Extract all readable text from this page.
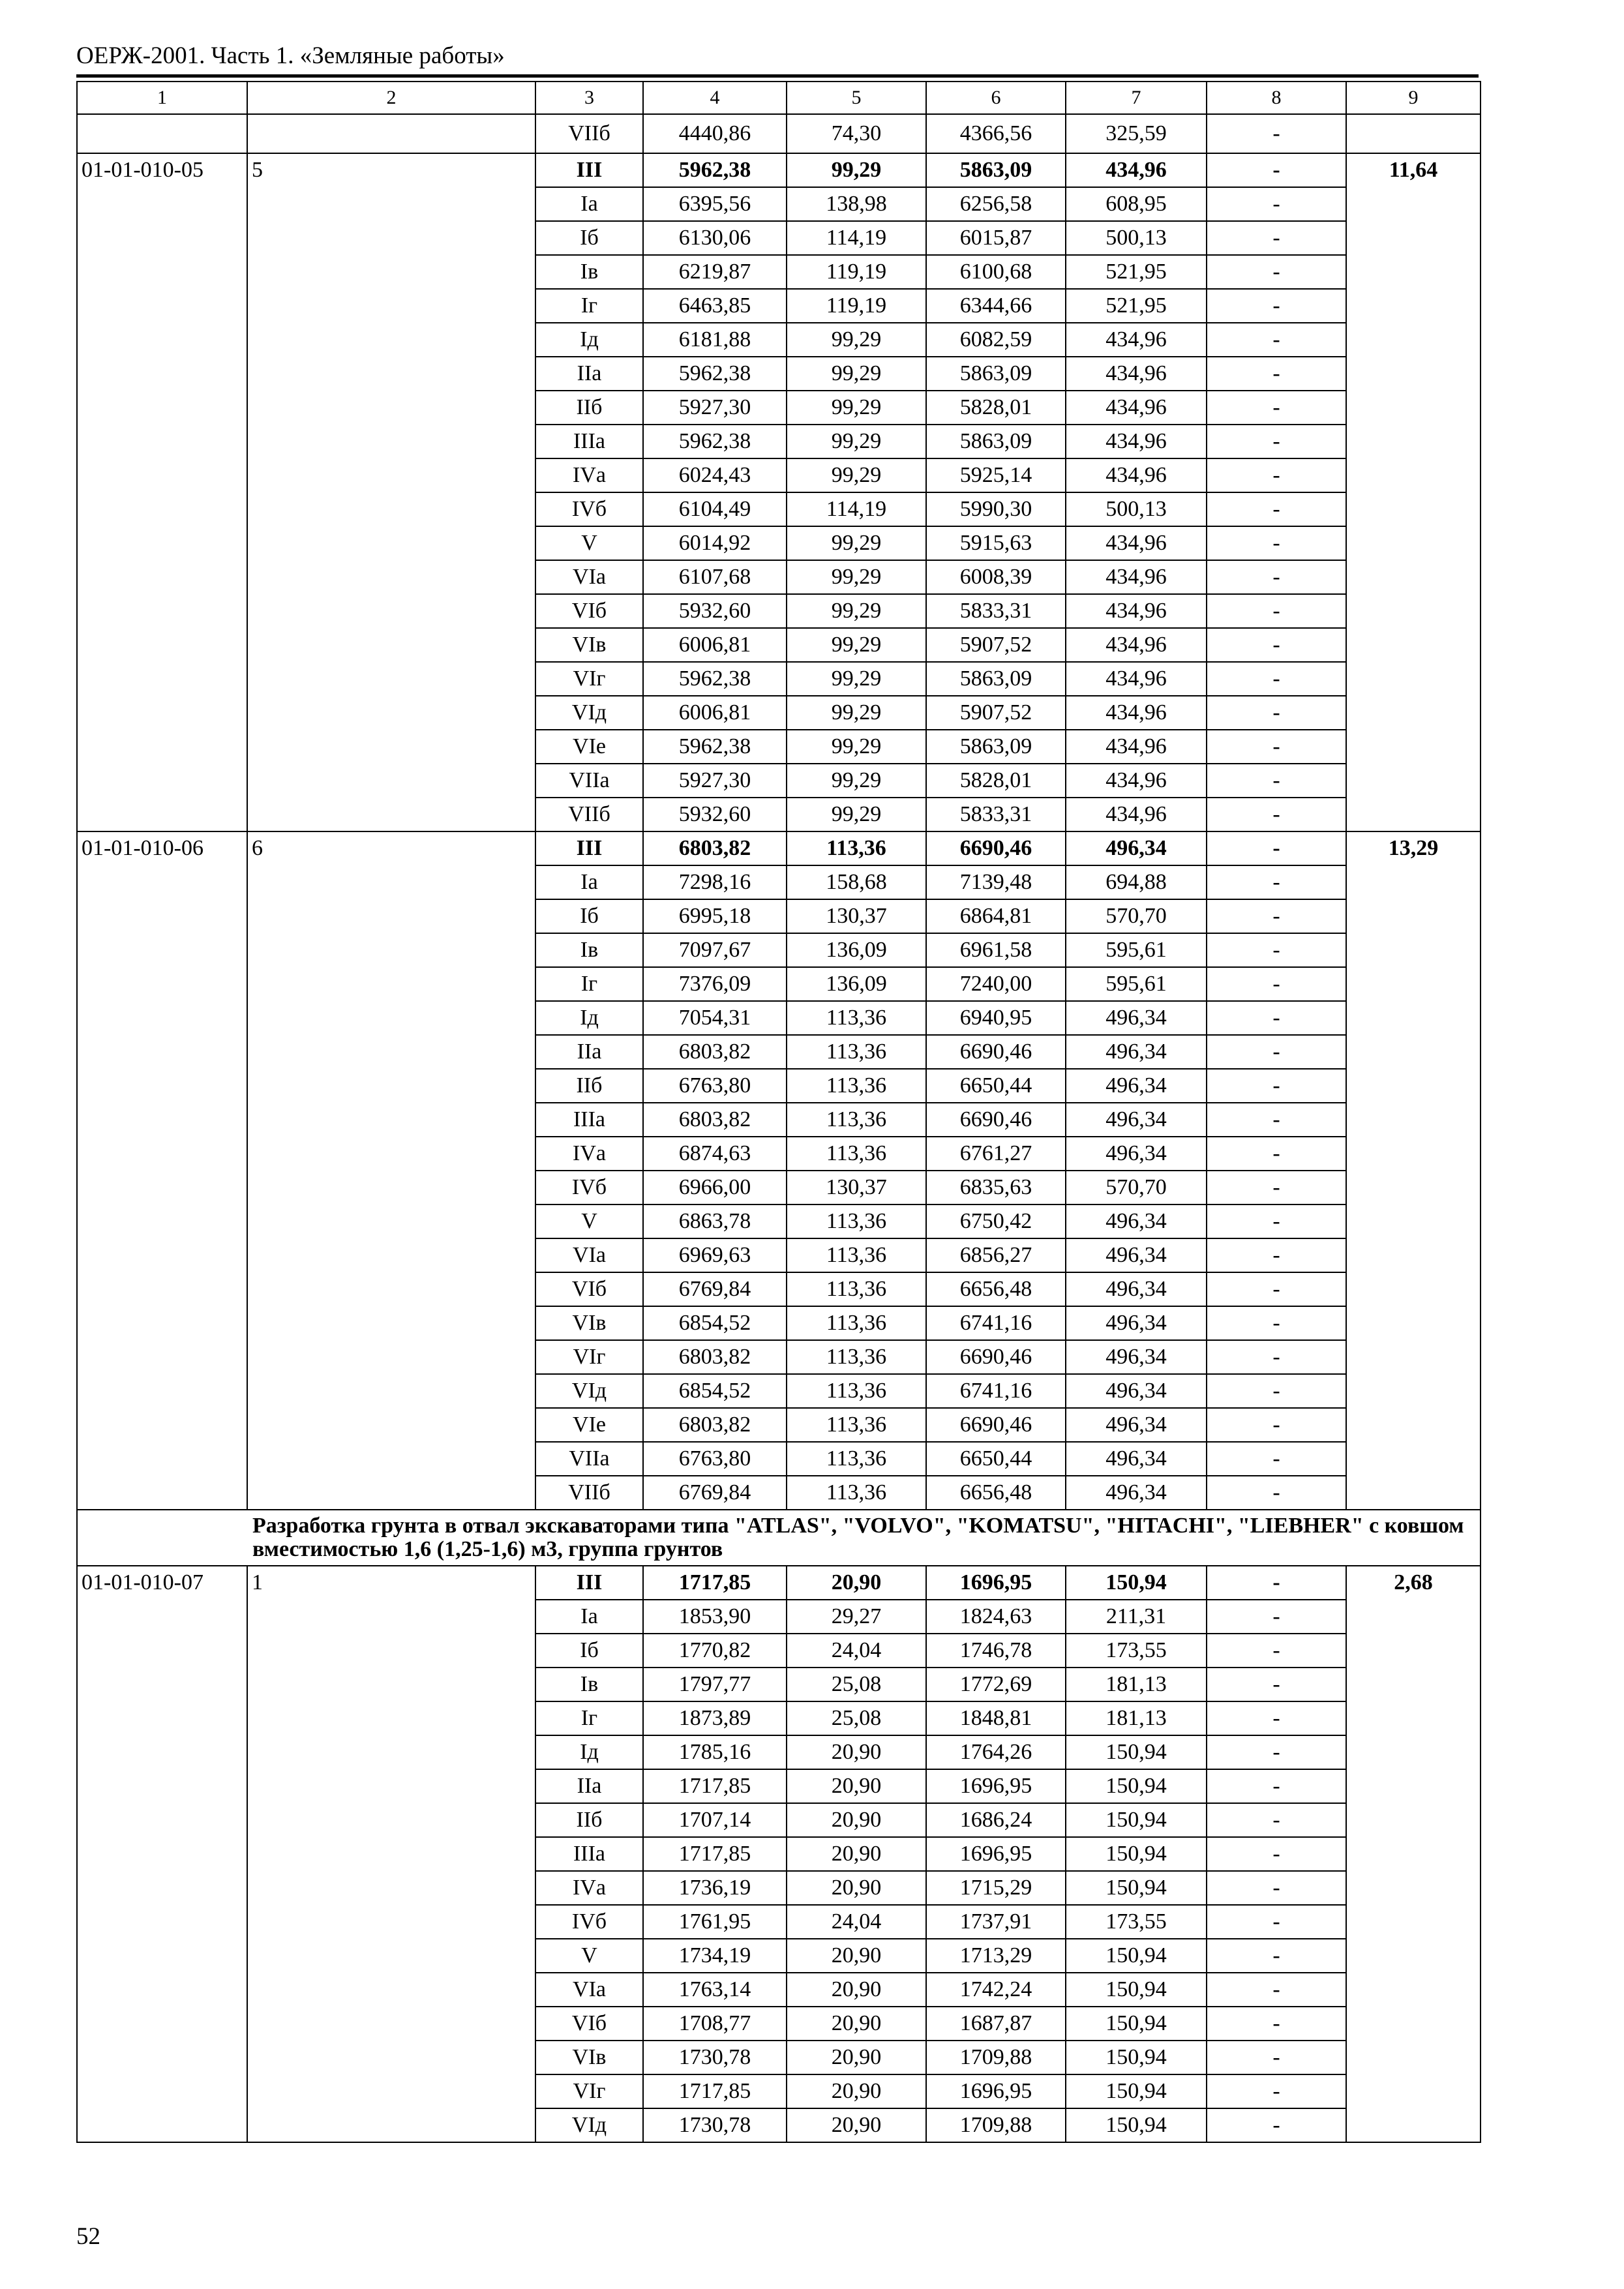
ОЕРЖ-2001. Часть 1. «Земляные работы»
1	2	3	4	5	6	7	8	9
		VIIб	4440,86	74,30	4366,56	325,59	-	
01-01-010-05	5	III	5962,38	99,29	5863,09	434,96	-	11,64
		Iа	6395,56	138,98	6256,58	608,95	-	
		Iб	6130,06	114,19	6015,87	500,13	-	
		Iв	6219,87	119,19	6100,68	521,95	-	
		Iг	6463,85	119,19	6344,66	521,95	-	
		Iд	6181,88	99,29	6082,59	434,96	-	
		IIа	5962,38	99,29	5863,09	434,96	-	
		IIб	5927,30	99,29	5828,01	434,96	-	
		IIIа	5962,38	99,29	5863,09	434,96	-	
		IVа	6024,43	99,29	5925,14	434,96	-	
		IVб	6104,49	114,19	5990,30	500,13	-	
		V	6014,92	99,29	5915,63	434,96	-	
		VIа	6107,68	99,29	6008,39	434,96	-	
		VIб	5932,60	99,29	5833,31	434,96	-	
		VIв	6006,81	99,29	5907,52	434,96	-	
		VIг	5962,38	99,29	5863,09	434,96	-	
		VIд	6006,81	99,29	5907,52	434,96	-	
		VIе	5962,38	99,29	5863,09	434,96	-	
		VIIа	5927,30	99,29	5828,01	434,96	-	
		VIIб	5932,60	99,29	5833,31	434,96	-	
01-01-010-06	6	III	6803,82	113,36	6690,46	496,34	-	13,29
		Iа	7298,16	158,68	7139,48	694,88	-	
		Iб	6995,18	130,37	6864,81	570,70	-	
		Iв	7097,67	136,09	6961,58	595,61	-	
		Iг	7376,09	136,09	7240,00	595,61	-	
		Iд	7054,31	113,36	6940,95	496,34	-	
		IIа	6803,82	113,36	6690,46	496,34	-	
		IIб	6763,80	113,36	6650,44	496,34	-	
		IIIа	6803,82	113,36	6690,46	496,34	-	
		IVа	6874,63	113,36	6761,27	496,34	-	
		IVб	6966,00	130,37	6835,63	570,70	-	
		V	6863,78	113,36	6750,42	496,34	-	
		VIа	6969,63	113,36	6856,27	496,34	-	
		VIб	6769,84	113,36	6656,48	496,34	-	
		VIв	6854,52	113,36	6741,16	496,34	-	
		VIг	6803,82	113,36	6690,46	496,34	-	
		VIд	6854,52	113,36	6741,16	496,34	-	
		VIе	6803,82	113,36	6690,46	496,34	-	
		VIIа	6763,80	113,36	6650,44	496,34	-	
		VIIб	6769,84	113,36	6656,48	496,34	-	
Разработка грунта в отвал экскаваторами типа "ATLAS", "VOLVO", "KOMATSU", "HITACHI", "LIEBHER" с ковшом вместимостью 1,6 (1,25-1,6) м3, группа грунтов								
01-01-010-07	1	III	1717,85	20,90	1696,95	150,94	-	2,68
		Iа	1853,90	29,27	1824,63	211,31	-	
		Iб	1770,82	24,04	1746,78	173,55	-	
		Iв	1797,77	25,08	1772,69	181,13	-	
		Iг	1873,89	25,08	1848,81	181,13	-	
		Iд	1785,16	20,90	1764,26	150,94	-	
		IIа	1717,85	20,90	1696,95	150,94	-	
		IIб	1707,14	20,90	1686,24	150,94	-	
		IIIа	1717,85	20,90	1696,95	150,94	-	
		IVа	1736,19	20,90	1715,29	150,94	-	
		IVб	1761,95	24,04	1737,91	173,55	-	
		V	1734,19	20,90	1713,29	150,94	-	
		VIа	1763,14	20,90	1742,24	150,94	-	
		VIб	1708,77	20,90	1687,87	150,94	-	
		VIв	1730,78	20,90	1709,88	150,94	-	
		VIг	1717,85	20,90	1696,95	150,94	-	
		VIд	1730,78	20,90	1709,88	150,94	-	
52
